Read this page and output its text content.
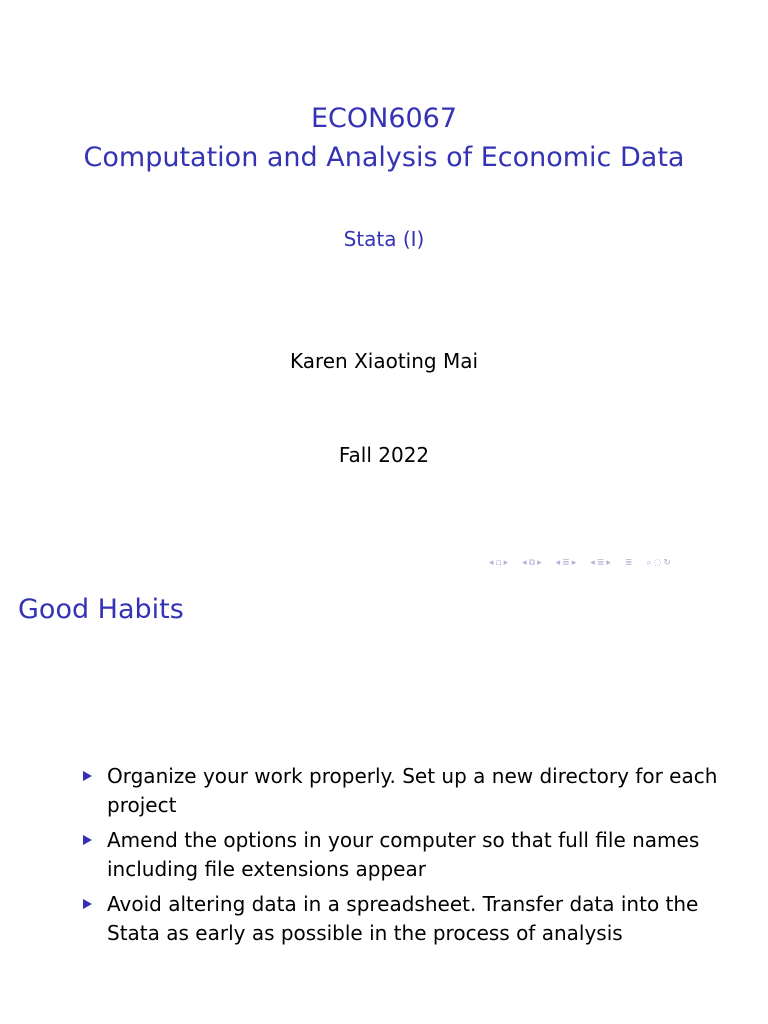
ECON6067
Computation and Analysis of Economic Data
Stata (I)
Karen Xiaoting Mai
Fall 2022
◂ ▫ ▸ ◂ ⧉ ▸ ◂ ≣ ▸ ◂ ≣ ▸ ≣ ⌕ ◌ ↻
Good Habits
Organize your work properly. Set up a new directory for each project
Amend the options in your computer so that full file names including file extensions appear
Avoid altering data in a spreadsheet. Transfer data into the Stata as early as possible in the process of analysis
